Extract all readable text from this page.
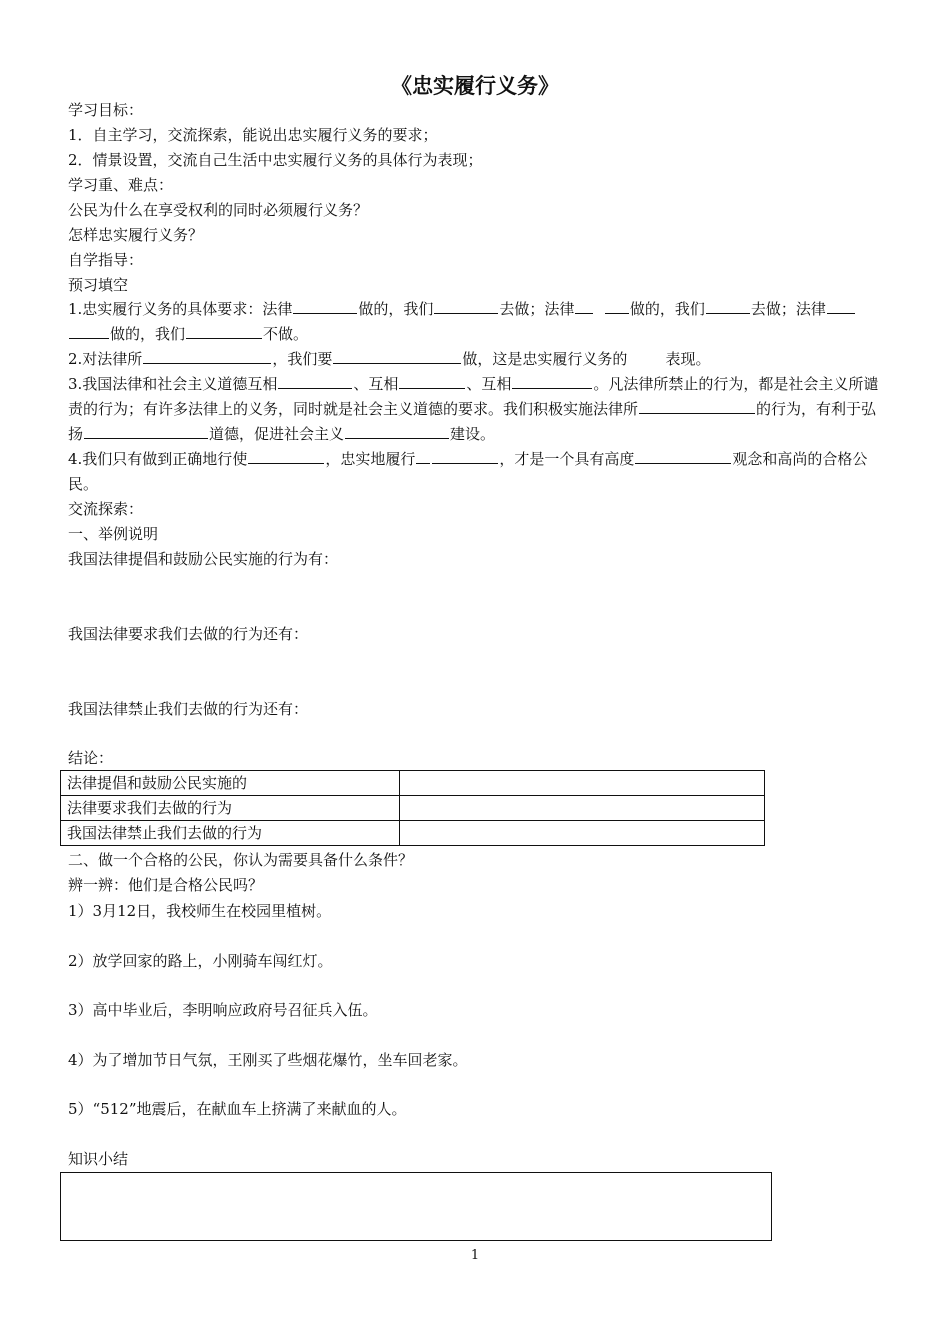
《忠实履行义务》
学习目标：
1．自主学习，交流探索，能说出忠实履行义务的要求；
2．情景设置，交流自己生活中忠实履行义务的具体行为表现；
学习重、难点：
公民为什么在享受权利的同时必须履行义务？
怎样忠实履行义务？
自学指导：
预习填空
1.忠实履行义务的具体要求：法律	做的，我们	去做；法律	做的，我们	去做；法律
做的，我们	不做。
2.对法律所	，我们要	做，这是忠实履行义务的	表现。
3.我国法律和社会主义道德互相	、互相	、互相	。凡法律所禁止的行为，都是社会主义所谴责的行为；有许多法律上的义务，同时就是社会主义道德的要求。我们积极实施法律所	的行为，有利于弘扬	道德，促进社会主义	建设。
4.我们只有做到正确地行使	，忠实地履行	，才是一个具有高度	观念和高尚的合格公民。
交流探索：
一、举例说明
我国法律提倡和鼓励公民实施的行为有：
我国法律要求我们去做的行为还有：
我国法律禁止我们去做的行为还有：
结论：
法律提倡和鼓励公民实施的	
法律要求我们去做的行为	
我国法律禁止我们去做的行为	
二、做一个合格的公民，你认为需要具备什么条件？
辨一辨：他们是合格公民吗？
1）3月12日，我校师生在校园里植树。
2）放学回家的路上，小刚骑车闯红灯。
3）高中毕业后，李明响应政府号召征兵入伍。
4）为了增加节日气氛，王刚买了些烟花爆竹，坐车回老家。
5）“512”地震后，在献血车上挤满了来献血的人。
知识小结
1
